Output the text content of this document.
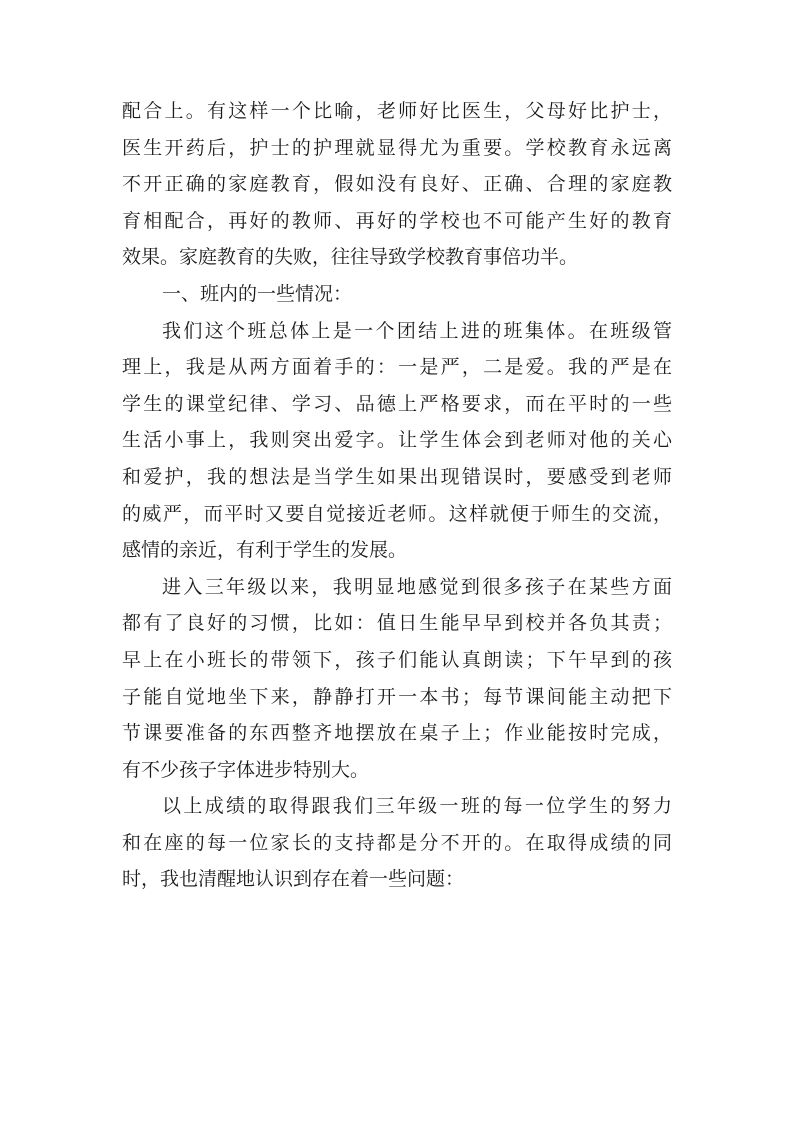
配合上。有这样一个比喻，老师好比医生，父母好比护士，
医生开药后，护士的护理就显得尤为重要。学校教育永远离
不开正确的家庭教育，假如没有良好、正确、合理的家庭教
育相配合，再好的教师、再好的学校也不可能产生好的教育
效果。家庭教育的失败，往往导致学校教育事倍功半。
一、班内的一些情况：
我们这个班总体上是一个团结上进的班集体。在班级管
理上，我是从两方面着手的：一是严，二是爱。我的严是在
学生的课堂纪律、学习、品德上严格要求，而在平时的一些
生活小事上，我则突出爱字。让学生体会到老师对他的关心
和爱护，我的想法是当学生如果出现错误时，要感受到老师
的威严，而平时又要自觉接近老师。这样就便于师生的交流，
感情的亲近，有利于学生的发展。
进入三年级以来，我明显地感觉到很多孩子在某些方面
都有了良好的习惯，比如：值日生能早早到校并各负其责；
早上在小班长的带领下，孩子们能认真朗读；下午早到的孩
子能自觉地坐下来，静静打开一本书；每节课间能主动把下
节课要准备的东西整齐地摆放在桌子上；作业能按时完成，
有不少孩子字体进步特别大。
以上成绩的取得跟我们三年级一班的每一位学生的努力
和在座的每一位家长的支持都是分不开的。在取得成绩的同
时，我也清醒地认识到存在着一些问题：
